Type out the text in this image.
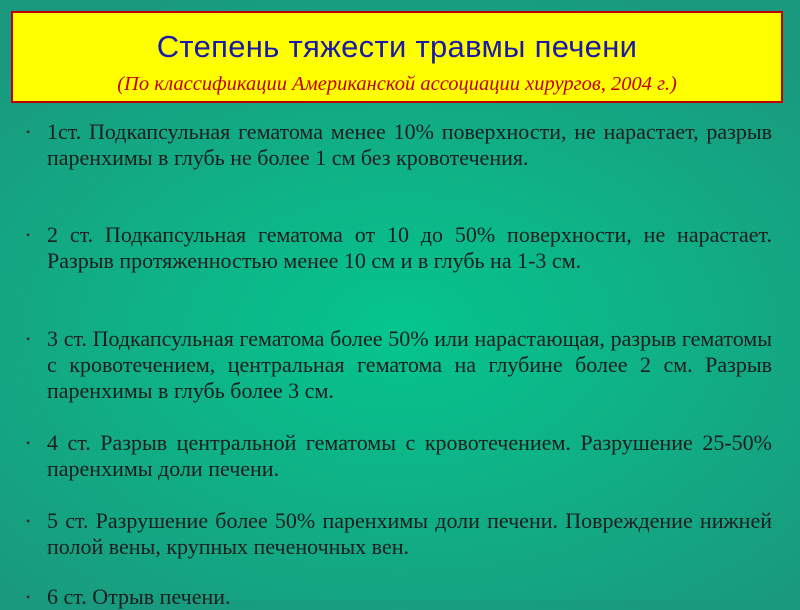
Степень тяжести травмы печени
(По классификации Американской ассоциации хирургов, 2004 г.)
• 1ст. Подкапсульная гематома менее 10% поверхности, не нарастает, разрыв паренхимы в глубь не более 1 см без кровотечения.
• 2 ст. Подкапсульная гематома от 10 до 50% поверхности, не нарастает. Разрыв протяженностью менее 10 см и в глубь на 1-3 см.
• 3 ст. Подкапсульная гематома более 50% или нарастающая, разрыв гематомы с кровотечением, центральная гематома на глубине более 2 см. Разрыв паренхимы в глубь более 3 см.
• 4 ст. Разрыв центральной гематомы с кровотечением. Разрушение 25-50% паренхимы доли печени.
• 5 ст. Разрушение более 50% паренхимы доли печени. Повреждение нижней полой вены, крупных печеночных вен.
• 6 ст. Отрыв печени.
